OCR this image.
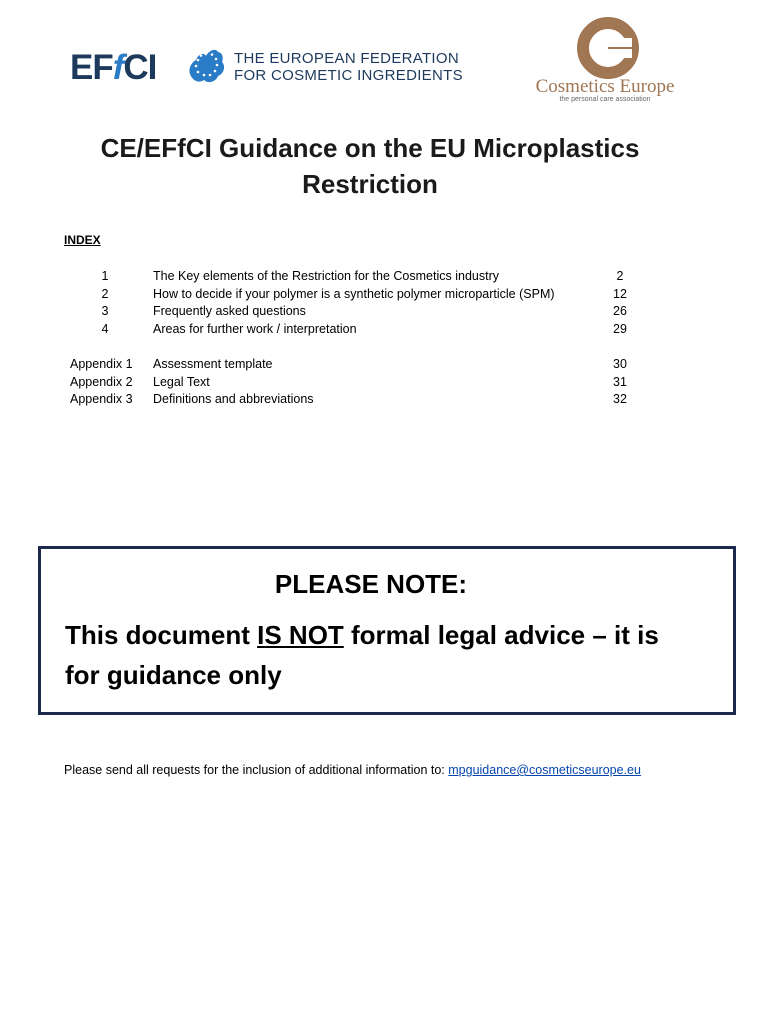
EFfCI	THE EUROPEAN FEDERATION
FOR COSMETIC INGREDIENTS
Cosmetics Europe
the personal care association
CE/EFfCI Guidance on the EU Microplastics
Restriction
INDEX
1	The Key elements of the Restriction for the Cosmetics industry	2
2	How to decide if your polymer is a synthetic polymer microparticle (SPM)	12
3	Frequently asked questions	26
4	Areas for further work / interpretation	29
Appendix 1	Assessment template	30
Appendix 2	Legal Text	31
Appendix 3	Definitions and abbreviations	32
PLEASE NOTE:
This document IS NOT formal legal advice – it is
for guidance only
Please send all requests for the inclusion of additional information to: mpguidance@cosmeticseurope.eu
